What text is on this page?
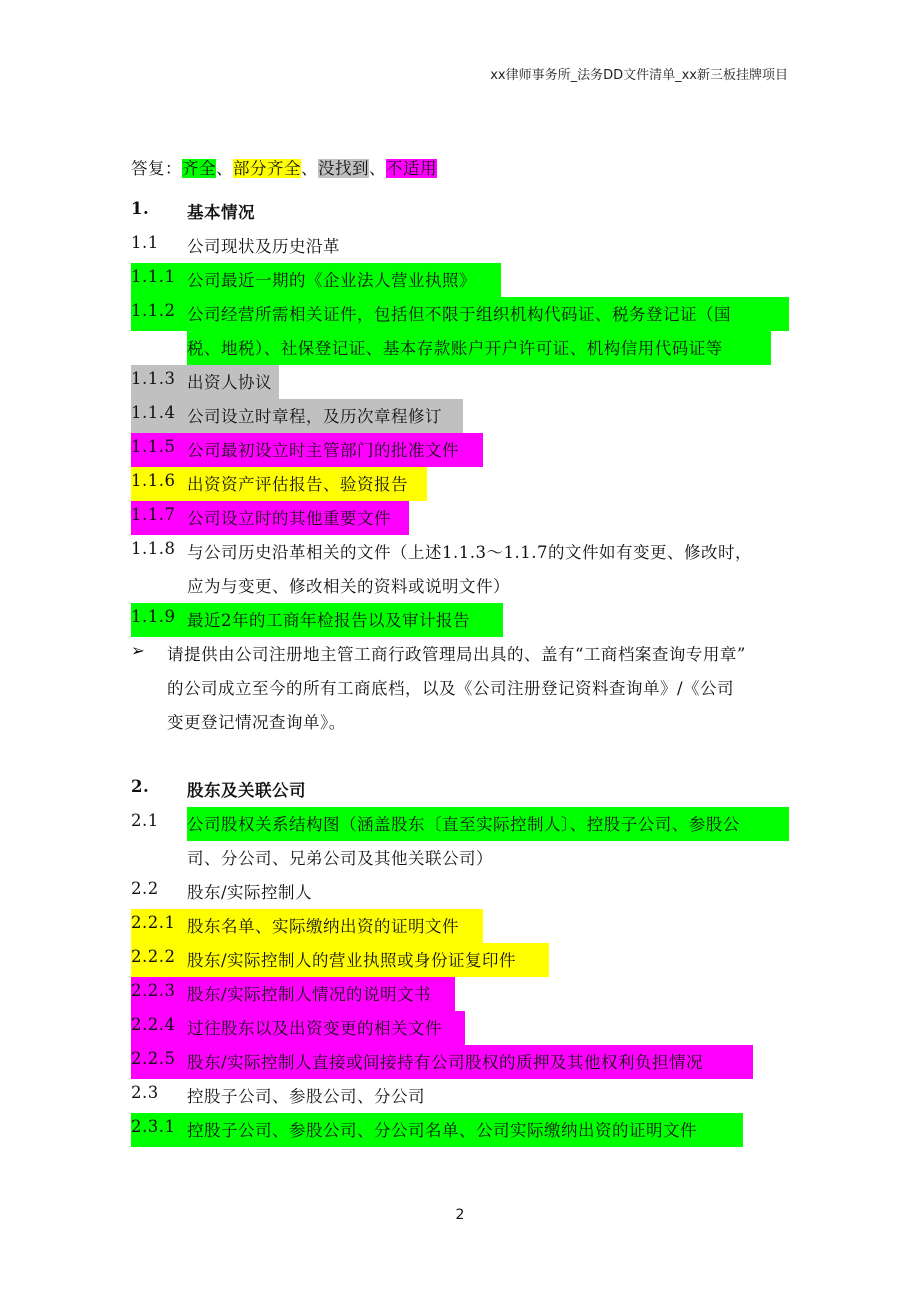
xx律师事务所_法务DD文件清单_xx新三板挂牌项目
答复：齐全、部分齐全、没找到、不适用
1. 基本情况
1.1 公司现状及历史沿革
1.1.1 公司最近一期的《企业法人营业执照》
1.1.2 公司经营所需相关证件，包括但不限于组织机构代码证、税务登记证（国
税、地税）、社保登记证、基本存款账户开户许可证、机构信用代码证等
1.1.3 出资人协议
1.1.4 公司设立时章程，及历次章程修订
1.1.5 公司最初设立时主管部门的批准文件
1.1.6 出资资产评估报告、验资报告
1.1.7 公司设立时的其他重要文件
1.1.8 与公司历史沿革相关的文件（上述1.1.3～1.1.7的文件如有变更、修改时，
应为与变更、修改相关的资料或说明文件）
1.1.9 最近2年的工商年检报告以及审计报告
➢ 请提供由公司注册地主管工商行政管理局出具的、盖有“工商档案查询专用章”
的公司成立至今的所有工商底档，以及《公司注册登记资料查询单》/《公司
变更登记情况查询单》。
2. 股东及关联公司
2.1 公司股权关系结构图（涵盖股东〔直至实际控制人〕、控股子公司、参股公
司、分公司、兄弟公司及其他关联公司）
2.2 股东/实际控制人
2.2.1 股东名单、实际缴纳出资的证明文件
2.2.2 股东/实际控制人的营业执照或身份证复印件
2.2.3 股东/实际控制人情况的说明文书
2.2.4 过往股东以及出资变更的相关文件
2.2.5 股东/实际控制人直接或间接持有公司股权的质押及其他权利负担情况
2.3 控股子公司、参股公司、分公司
2.3.1 控股子公司、参股公司、分公司名单、公司实际缴纳出资的证明文件
2
